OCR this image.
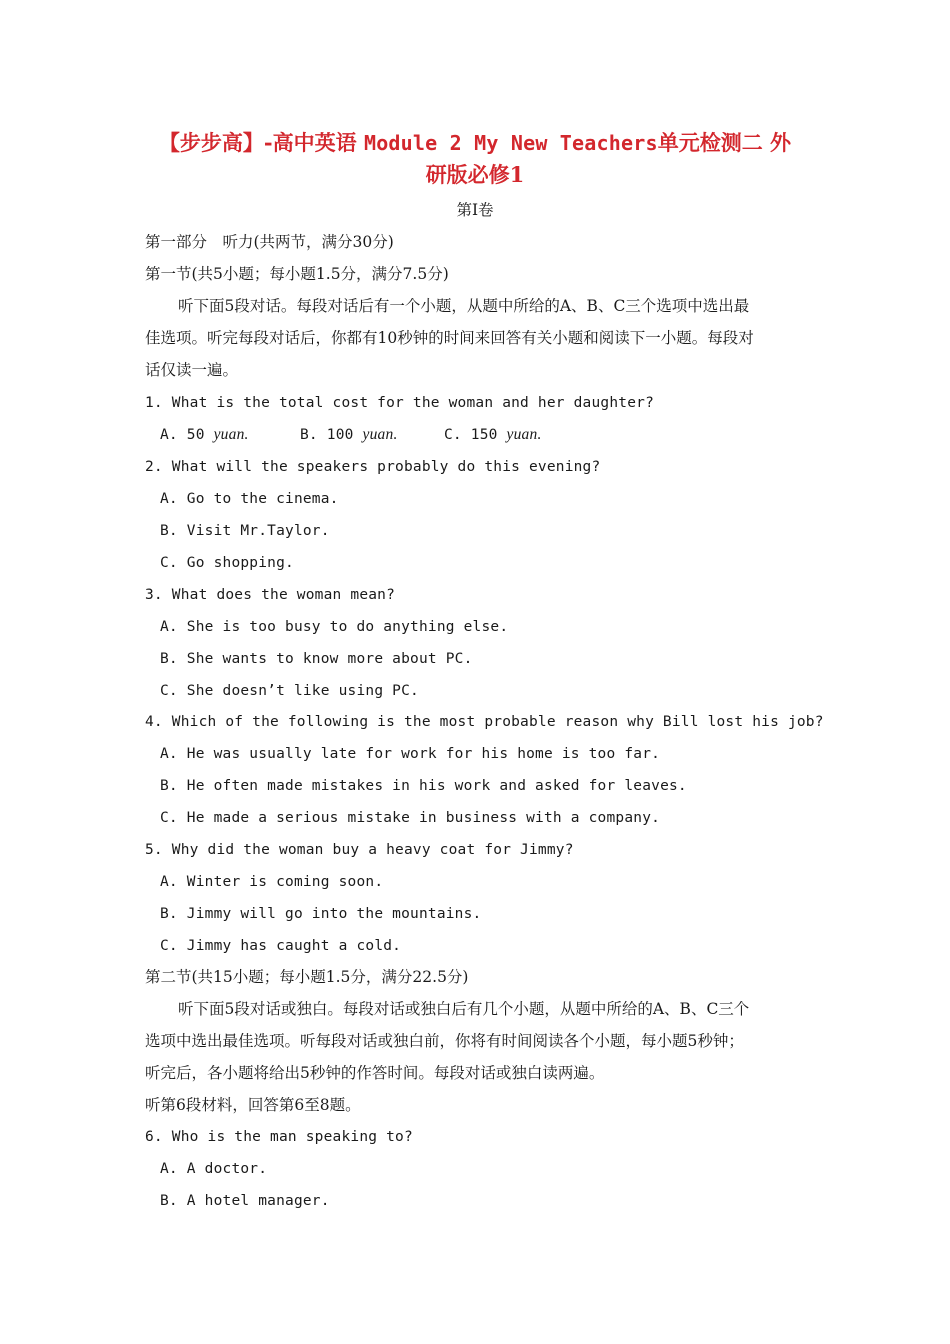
【步步高】-高中英语 Module 2 My New Teachers单元检测二 外
研版必修1
第Ⅰ卷
第一部分　听力(共两节，满分30分)
第一节(共5小题；每小题1.5分，满分7.5分)
听下面5段对话。每段对话后有一个小题，从题中所给的A、B、C三个选项中选出最
佳选项。听完每段对话后，你都有10秒钟的时间来回答有关小题和阅读下一小题。每段对
话仅读一遍。
1. What is the total cost for the woman and her daughter?
A. 50 yuan.	B. 100 yuan.	C. 150 yuan.
2. What will the speakers probably do this evening?
A. Go to the cinema.
B. Visit Mr.Taylor.
C. Go shopping.
3. What does the woman mean?
A. She is too busy to do anything else.
B. She wants to know more about PC.
C. She doesn’t like using PC.
4. Which of the following is the most probable reason why Bill lost his job?
A. He was usually late for work for his home is too far.
B. He often made mistakes in his work and asked for leaves.
C. He made a serious mistake in business with a company.
5. Why did the woman buy a heavy coat for Jimmy?
A. Winter is coming soon.
B. Jimmy will go into the mountains.
C. Jimmy has caught a cold.
第二节(共15小题；每小题1.5分，满分22.5分)
听下面5段对话或独白。每段对话或独白后有几个小题，从题中所给的A、B、C三个
选项中选出最佳选项。听每段对话或独白前，你将有时间阅读各个小题，每小题5秒钟；
听完后，各小题将给出5秒钟的作答时间。每段对话或独白读两遍。
听第6段材料，回答第6至8题。
6. Who is the man speaking to?
A. A doctor.
B. A hotel manager.
